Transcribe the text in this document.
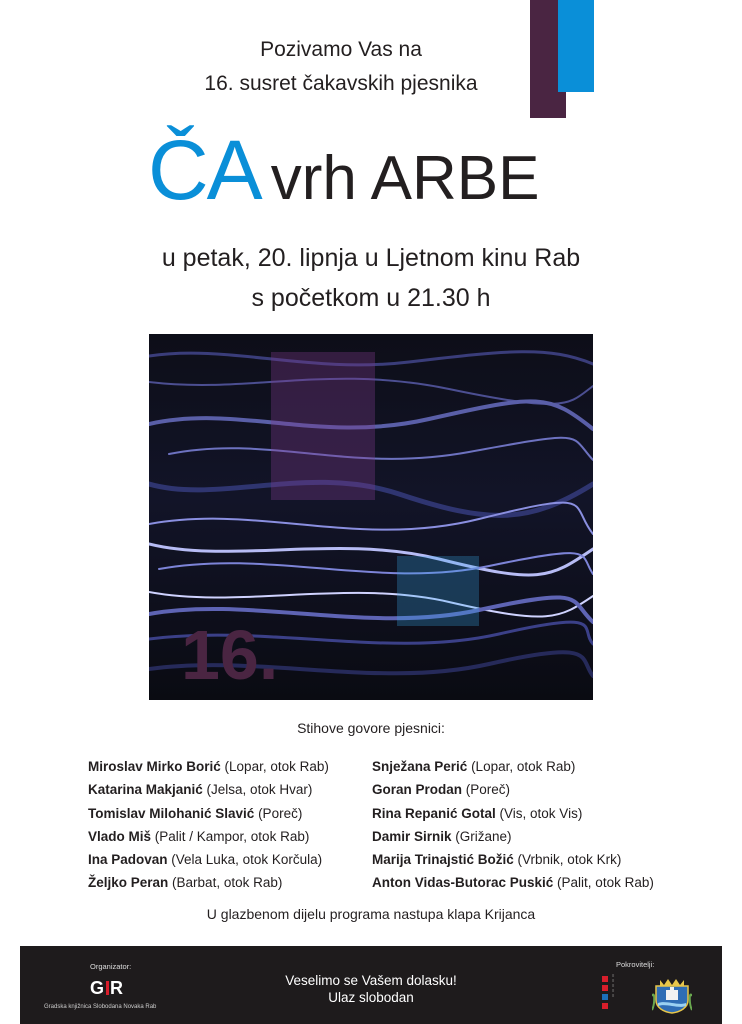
Pozivamo Vas na
16. susret čakavskih pjesnika
ČA vrh ARBE
u petak, 20. lipnja u Ljetnom kinu Rab
s početkom u 21.30 h
16.
Stihove govore pjesnici:
Miroslav Mirko Borić (Lopar, otok Rab)
Katarina Makjanić (Jelsa, otok Hvar)
Tomislav Milohanić Slavić (Poreč)
Vlado Miš (Palit / Kampor, otok Rab)
Ina Padovan (Vela Luka, otok Korčula)
Željko Peran (Barbat, otok Rab)
Snježana Perić (Lopar, otok Rab)
Goran Prodan (Poreč)
Rina Repanić Gotal (Vis, otok Vis)
Damir Sirnik (Grižane)
Marija Trinajstić Božić (Vrbnik, otok Krk)
Anton Vidas-Butorac Puskić (Palit, otok Rab)
U glazbenom dijelu programa nastupa klapa Krijanca
Organizator:
G R
Gradska knjižnica Slobodana Novaka Rab
Veselimo se Vašem dolasku!
Ulaz slobodan
Pokrovitelji:
≡
≡
≡
≡
≡
